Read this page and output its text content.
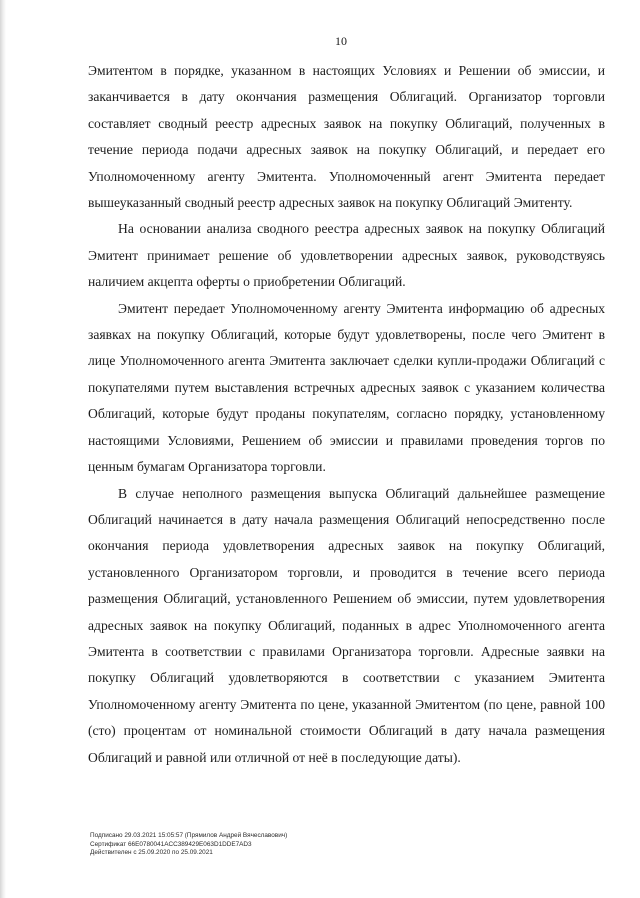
10

Эмитентом в порядке, указанном в настоящих Условиях и Решении об эмиссии, и заканчивается в дату окончания размещения Облигаций. Организатор торговли составляет сводный реестр адресных заявок на покупку Облигаций, полученных в течение периода подачи адресных заявок на покупку Облигаций, и передает его Уполномоченному агенту Эмитента. Уполномоченный агент Эмитента передает вышеуказанный сводный реестр адресных заявок на покупку Облигаций Эмитенту.

На основании анализа сводного реестра адресных заявок на покупку Облигаций Эмитент принимает решение об удовлетворении адресных заявок, руководствуясь наличием акцепта оферты о приобретении Облигаций.

Эмитент передает Уполномоченному агенту Эмитента информацию об адресных заявках на покупку Облигаций, которые будут удовлетворены, после чего Эмитент в лице Уполномоченного агента Эмитента заключает сделки купли-продажи Облигаций с покупателями путем выставления встречных адресных заявок с указанием количества Облигаций, которые будут проданы покупателям, согласно порядку, установленному настоящими Условиями, Решением об эмиссии и правилами проведения торгов по ценным бумагам Организатора торговли.

В случае неполного размещения выпуска Облигаций дальнейшее размещение Облигаций начинается в дату начала размещения Облигаций непосредственно после окончания периода удовлетворения адресных заявок на покупку Облигаций, установленного Организатором торговли, и проводится в течение всего периода размещения Облигаций, установленного Решением об эмиссии, путем удовлетворения адресных заявок на покупку Облигаций, поданных в адрес Уполномоченного агента Эмитента в соответствии с правилами Организатора торговли. Адресные заявки на покупку Облигаций удовлетворяются в соответствии с указанием Эмитента Уполномоченному агенту Эмитента по цене, указанной Эмитентом (по цене, равной 100 (сто) процентам от номинальной стоимости Облигаций в дату начала размещения Облигаций и равной или отличной от неё в последующие даты).

Подписано 29.03.2021 15:05:57 (Прямилов Андрей Вячеславович)
Сертификат 66E0780041ACC389429E063D1DDE7AD3
Действителен с 25.09.2020 по 25.09.2021
